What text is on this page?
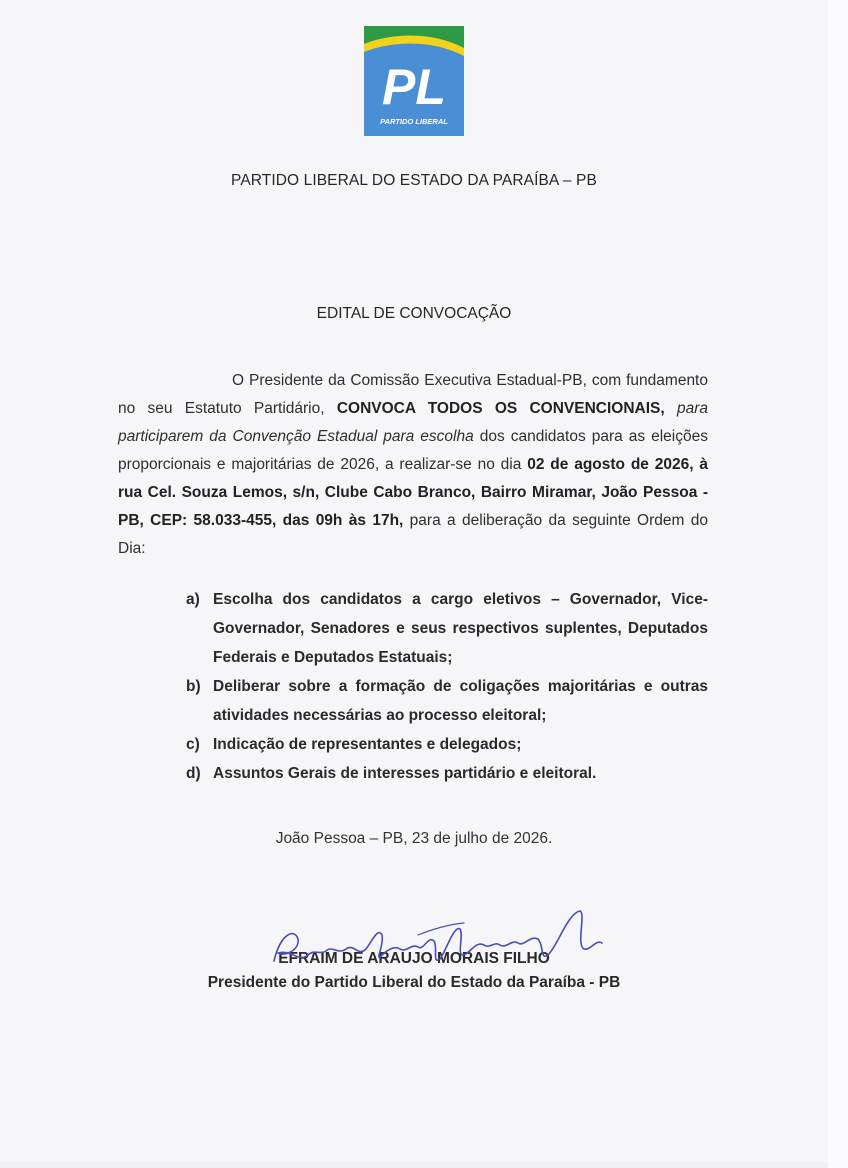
PL
PARTIDO LIBERAL
PARTIDO LIBERAL DO ESTADO DA PARAÍBA – PB
EDITAL DE CONVOCAÇÃO
O Presidente da Comissão Executiva Estadual-PB, com fundamento no seu Estatuto Partidário, CONVOCA TODOS OS CONVENCIONAIS, para participarem da Convenção Estadual para escolha dos candidatos para as eleições proporcionais e majoritárias de 2026, a realizar-se no dia 02 de agosto de 2026, à rua Cel. Souza Lemos, s/n, Clube Cabo Branco, Bairro Miramar, João Pessoa - PB, CEP: 58.033-455, das 09h às 17h, para a deliberação da seguinte Ordem do Dia:
a) Escolha dos candidatos a cargo eletivos – Governador, Vice-Governador, Senadores e seus respectivos suplentes, Deputados Federais e Deputados Estatuais;
b) Deliberar sobre a formação de coligações majoritárias e outras atividades necessárias ao processo eleitoral;
c) Indicação de representantes e delegados;
d) Assuntos Gerais de interesses partidário e eleitoral.
João Pessoa – PB, 23 de julho de 2026.
EFRAIM DE ARAUJO MORAIS FILHO
Presidente do Partido Liberal do Estado da Paraíba - PB
